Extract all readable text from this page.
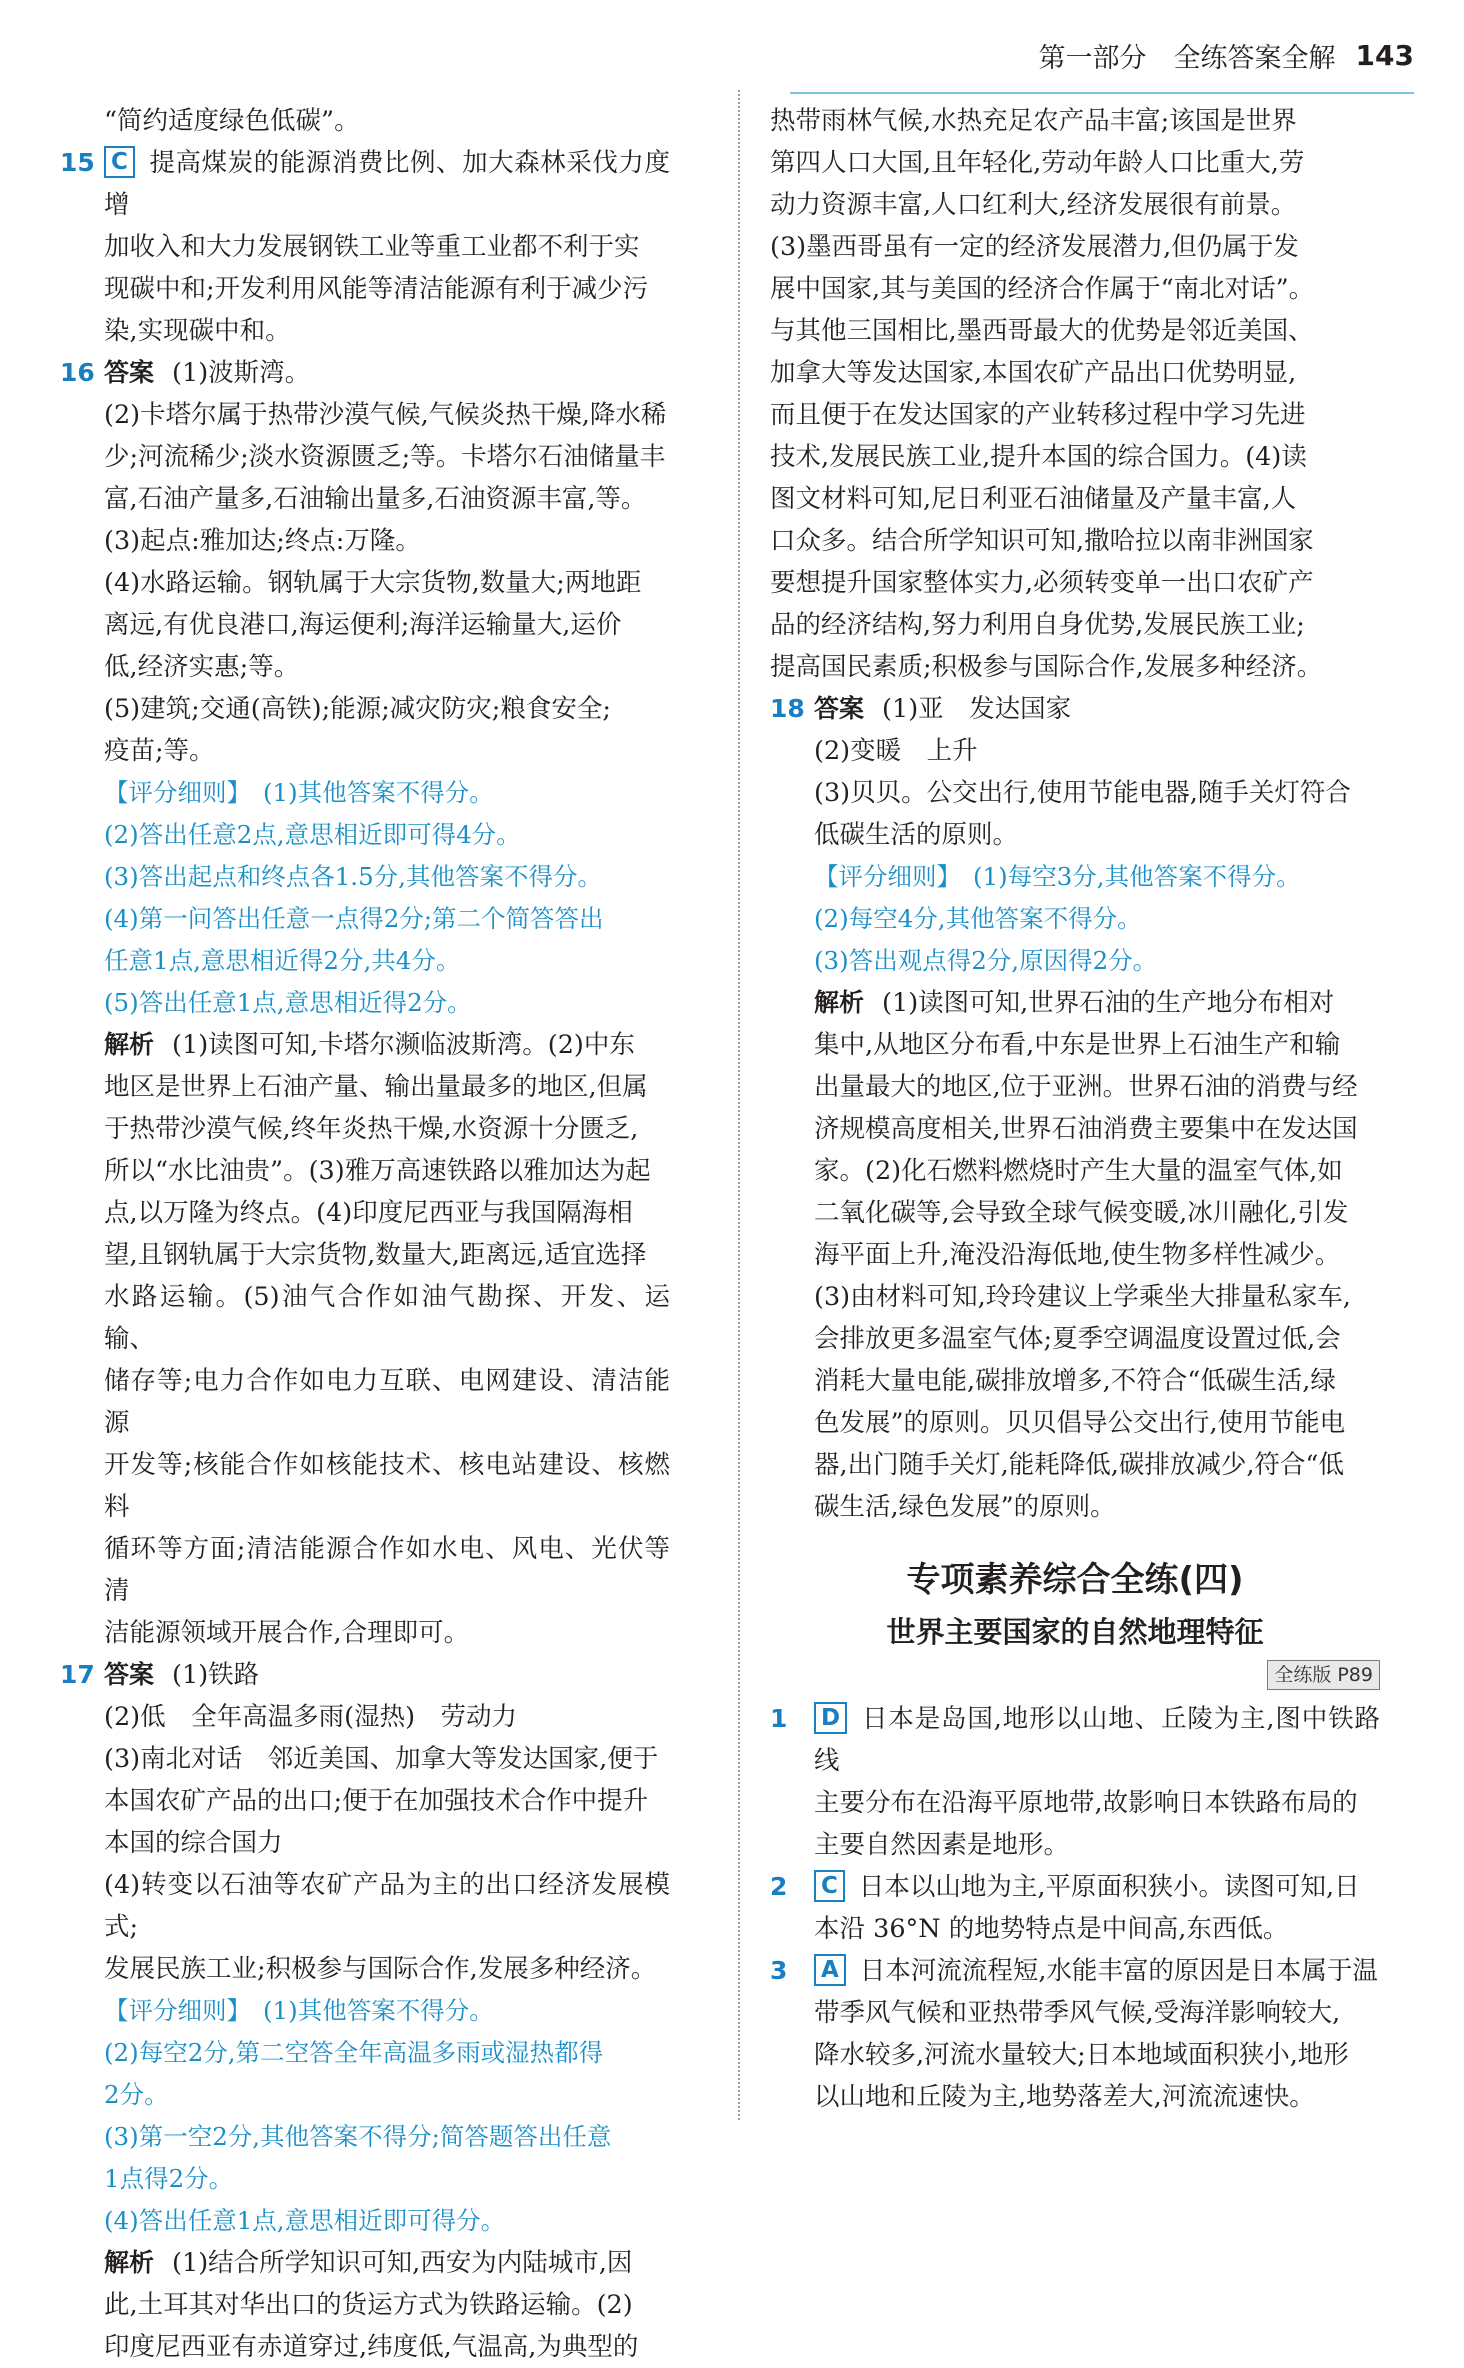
第一部分　全练答案全解 143

“简约适度绿色低碳”。

15 C 提高煤炭的能源消费比例、加大森林采伐力度增

加收入和大力发展钢铁工业等重工业都不利于实

现碳中和;开发利用风能等清洁能源有利于减少污

染,实现碳中和。

16 答案 (1)波斯湾。

(2)卡塔尔属于热带沙漠气候,气候炎热干燥,降水稀

少;河流稀少;淡水资源匮乏;等。卡塔尔石油储量丰

富,石油产量多,石油输出量多,石油资源丰富,等。

(3)起点:雅加达;终点:万隆。

(4)水路运输。钢轨属于大宗货物,数量大;两地距

离远,有优良港口,海运便利;海洋运输量大,运价

低,经济实惠;等。

(5)建筑;交通(高铁);能源;减灾防灾;粮食安全;

疫苗;等。

【评分细则】 (1)其他答案不得分。

(2)答出任意2点,意思相近即可得4分。

(3)答出起点和终点各1.5分,其他答案不得分。

(4)第一问答出任意一点得2分;第二个简答答出

任意1点,意思相近得2分,共4分。

(5)答出任意1点,意思相近得2分。

解析 (1)读图可知,卡塔尔濒临波斯湾。(2)中东

地区是世界上石油产量、输出量最多的地区,但属

于热带沙漠气候,终年炎热干燥,水资源十分匮乏,

所以“水比油贵”。(3)雅万高速铁路以雅加达为起

点,以万隆为终点。(4)印度尼西亚与我国隔海相

望,且钢轨属于大宗货物,数量大,距离远,适宜选择

水路运输。(5)油气合作如油气勘探、开发、运输、

储存等;电力合作如电力互联、电网建设、清洁能源

开发等;核能合作如核能技术、核电站建设、核燃料

循环等方面;清洁能源合作如水电、风电、光伏等清

洁能源领域开展合作,合理即可。

17 答案 (1)铁路

(2)低　全年高温多雨(湿热)　劳动力

(3)南北对话　邻近美国、加拿大等发达国家,便于

本国农矿产品的出口;便于在加强技术合作中提升

本国的综合国力

(4)转变以石油等农矿产品为主的出口经济发展模式;

发展民族工业;积极参与国际合作,发展多种经济。

【评分细则】 (1)其他答案不得分。

(2)每空2分,第二空答全年高温多雨或湿热都得

2分。

(3)第一空2分,其他答案不得分;简答题答出任意

1点得2分。

(4)答出任意1点,意思相近即可得分。

解析 (1)结合所学知识可知,西安为内陆城市,因

此,土耳其对华出口的货运方式为铁路运输。(2)

印度尼西亚有赤道穿过,纬度低,气温高,为典型的

热带雨林气候,水热充足农产品丰富;该国是世界

第四人口大国,且年轻化,劳动年龄人口比重大,劳

动力资源丰富,人口红利大,经济发展很有前景。

(3)墨西哥虽有一定的经济发展潜力,但仍属于发

展中国家,其与美国的经济合作属于“南北对话”。

与其他三国相比,墨西哥最大的优势是邻近美国、

加拿大等发达国家,本国农矿产品出口优势明显,

而且便于在发达国家的产业转移过程中学习先进

技术,发展民族工业,提升本国的综合国力。(4)读

图文材料可知,尼日利亚石油储量及产量丰富,人

口众多。结合所学知识可知,撒哈拉以南非洲国家

要想提升国家整体实力,必须转变单一出口农矿产

品的经济结构,努力利用自身优势,发展民族工业;

提高国民素质;积极参与国际合作,发展多种经济。

18 答案 (1)亚　发达国家

(2)变暖　上升

(3)贝贝。公交出行,使用节能电器,随手关灯符合

低碳生活的原则。

【评分细则】 (1)每空3分,其他答案不得分。

(2)每空4分,其他答案不得分。

(3)答出观点得2分,原因得2分。

解析 (1)读图可知,世界石油的生产地分布相对

集中,从地区分布看,中东是世界上石油生产和输

出量最大的地区,位于亚洲。世界石油的消费与经

济规模高度相关,世界石油消费主要集中在发达国

家。(2)化石燃料燃烧时产生大量的温室气体,如

二氧化碳等,会导致全球气候变暖,冰川融化,引发

海平面上升,淹没沿海低地,使生物多样性减少。

(3)由材料可知,玲玲建议上学乘坐大排量私家车,

会排放更多温室气体;夏季空调温度设置过低,会

消耗大量电能,碳排放增多,不符合“低碳生活,绿

色发展”的原则。贝贝倡导公交出行,使用节能电

器,出门随手关灯,能耗降低,碳排放减少,符合“低

碳生活,绿色发展”的原则。

专项素养综合全练(四)
世界主要国家的自然地理特征
全练版 P89
1	D 日本是岛国,地形以山地、丘陵为主,图中铁路线

主要分布在沿海平原地带,故影响日本铁路布局的

主要自然因素是地形。

2	C 日本以山地为主,平原面积狭小。读图可知,日

本沿 36°N 的地势特点是中间高,东西低。

3	A 日本河流流程短,水能丰富的原因是日本属于温

带季风气候和亚热带季风气候,受海洋影响较大,

降水较多,河流水量较大;日本地域面积狭小,地形

以山地和丘陵为主,地势落差大,河流流速快。
